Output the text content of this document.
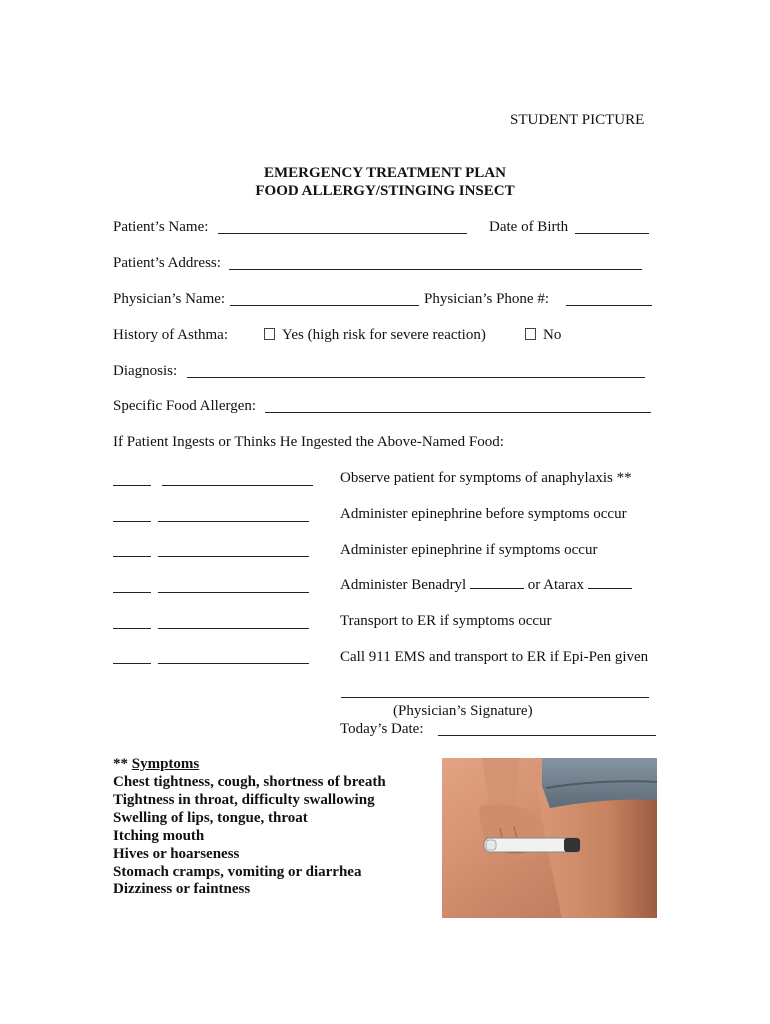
STUDENT PICTURE
EMERGENCY TREATMENT PLAN
FOOD ALLERGY/STINGING INSECT
Patient’s Name:	Date of Birth
Patient’s Address:
Physician’s Name:	Physician’s Phone #:
History of Asthma:	Yes (high risk for severe reaction)	No
Diagnosis:
Specific Food Allergen:
If Patient Ingests or Thinks He Ingested the Above-Named Food:
Observe patient for symptoms of anaphylaxis **
Administer epinephrine before symptoms occur
Administer epinephrine if symptoms occur
Administer Benadryl	or Atarax
Transport to ER if symptoms occur
Call 911 EMS and transport to ER if Epi-Pen given
(Physician’s Signature)
Today’s Date:
** Symptoms
Chest tightness, cough, shortness of breath
Tightness in throat, difficulty swallowing
Swelling of lips, tongue, throat
Itching mouth
Hives or hoarseness
Stomach cramps, vomiting or diarrhea
Dizziness or faintness
